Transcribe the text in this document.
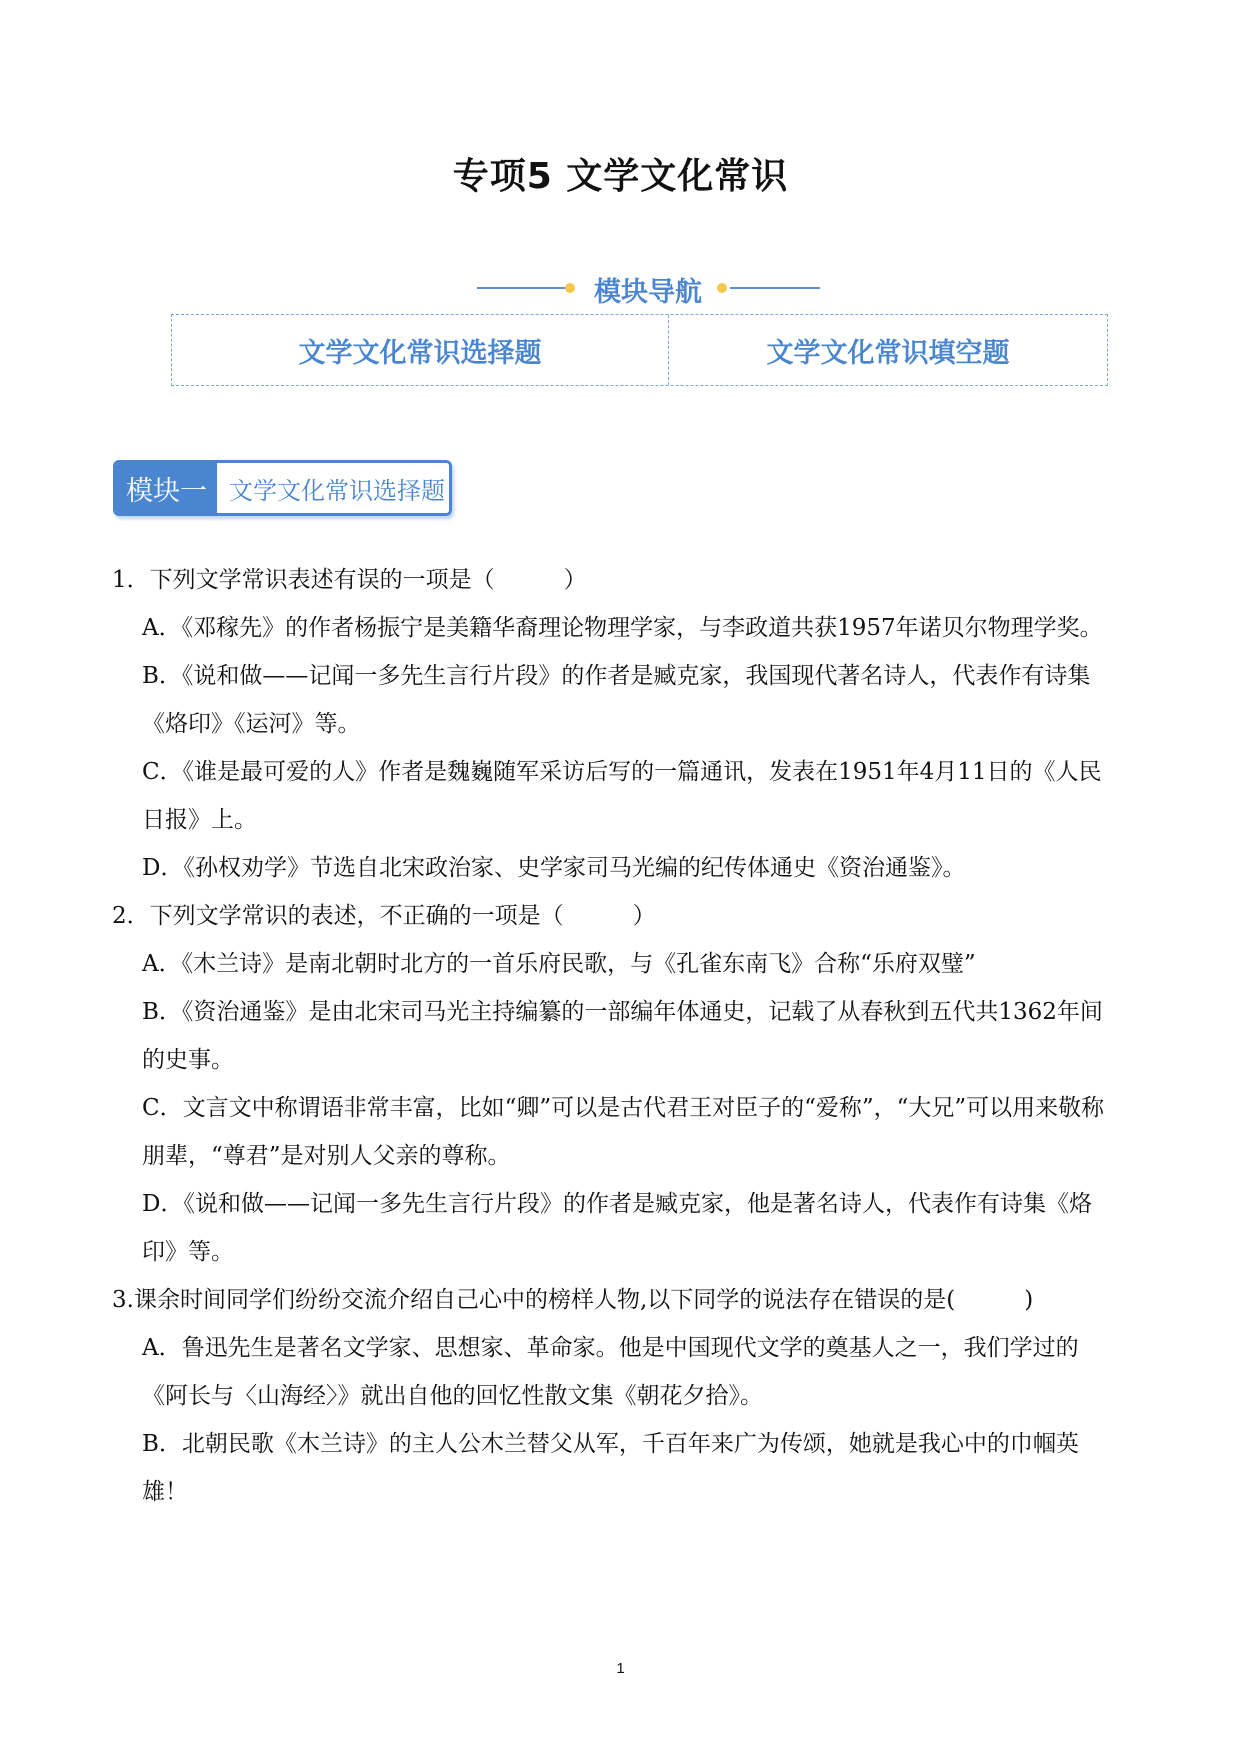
专项5 文学文化常识
模块导航
文学文化常识选择题	文学文化常识填空题
模块一 文学文化常识选择题

1．下列文学常识表述有误的一项是（　　　）

A．《邓稼先》的作者杨振宁是美籍华裔理论物理学家，与李政道共获1957年诺贝尔物理学奖。

B．《说和做——记闻一多先生言行片段》的作者是臧克家，我国现代著名诗人，代表作有诗集《烙印》《运河》等。

C．《谁是最可爱的人》作者是魏巍随军采访后写的一篇通讯，发表在1951年4月11日的《人民日报》上。

D．《孙权劝学》节选自北宋政治家、史学家司马光编的纪传体通史《资治通鉴》。

2．下列文学常识的表述，不正确的一项是（　　　）

A．《木兰诗》是南北朝时北方的一首乐府民歌，与《孔雀东南飞》合称“乐府双璧”

B．《资治通鉴》是由北宋司马光主持编纂的一部编年体通史，记载了从春秋到五代共1362年间的史事。

C．文言文中称谓语非常丰富，比如“卿”可以是古代君王对臣子的“爱称”，“大兄”可以用来敬称朋辈，“尊君”是对别人父亲的尊称。

D．《说和做——记闻一多先生言行片段》的作者是臧克家，他是著名诗人，代表作有诗集《烙印》等。

3.课余时间同学们纷纷交流介绍自己心中的榜样人物,以下同学的说法存在错误的是(　　　)

A．鲁迅先生是著名文学家、思想家、革命家。他是中国现代文学的奠基人之一，我们学过的《阿长与〈山海经〉》就出自他的回忆性散文集《朝花夕拾》。

B．北朝民歌《木兰诗》的主人公木兰替父从军，千百年来广为传颂，她就是我心中的巾帼英雄！

1
